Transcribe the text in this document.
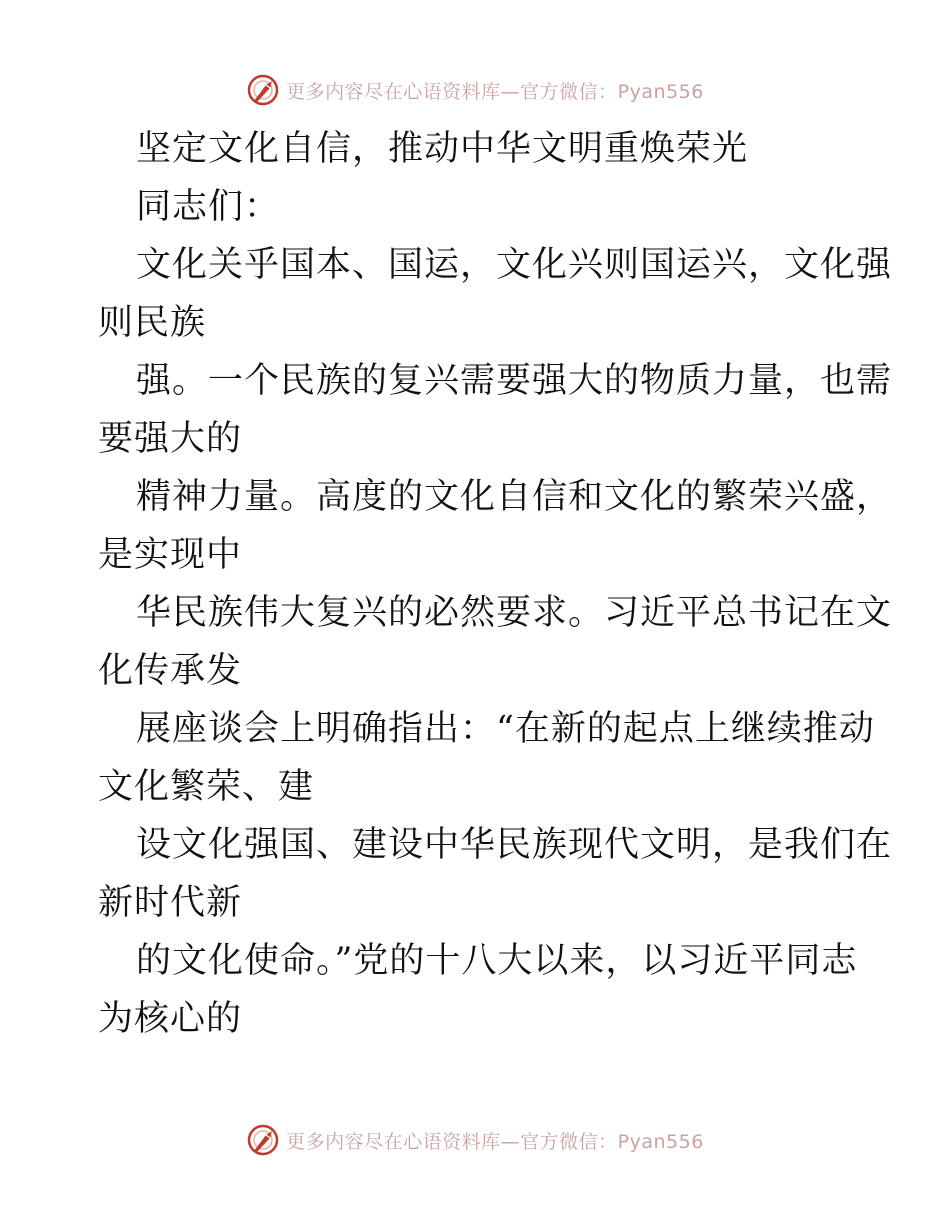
更多内容尽在心语资料库—官方微信：Pyan556
坚定文化自信，推动中华文明重焕荣光
同志们：
文化关乎国本、国运，文化兴则国运兴，文化强
则民族
强。一个民族的复兴需要强大的物质力量，也需
要强大的
精神力量。高度的文化自信和文化的繁荣兴盛，
是实现中
华民族伟大复兴的必然要求。习近平总书记在文
化传承发
展座谈会上明确指出：“在新的起点上继续推动
文化繁荣、建
设文化强国、建设中华民族现代文明，是我们在
新时代新
的文化使命。”党的十八大以来，以习近平同志
为核心的
更多内容尽在心语资料库—官方微信：Pyan556
